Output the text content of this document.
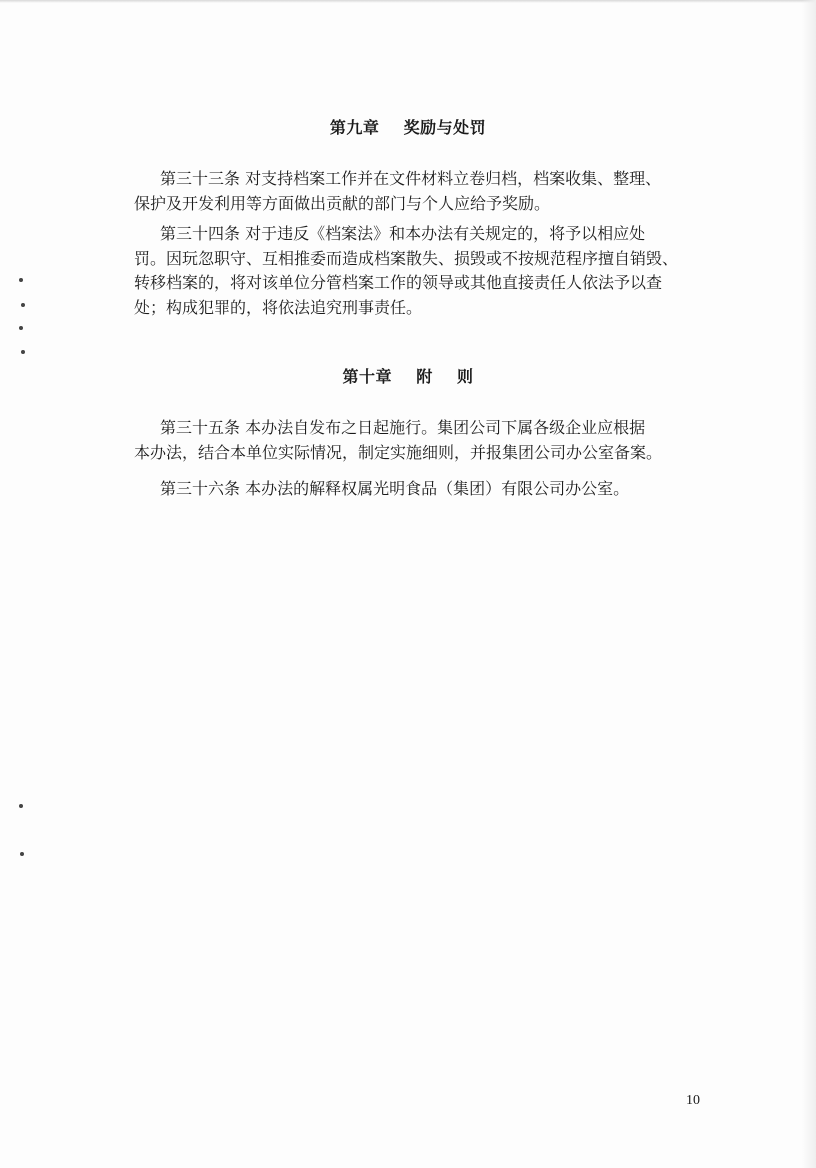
第九章    奖励与处罚
第三十三条 对支持档案工作并在文件材料立卷归档，档案收集、整理、
保护及开发利用等方面做出贡献的部门与个人应给予奖励。
第三十四条 对于违反《档案法》和本办法有关规定的，将予以相应处
罚。因玩忽职守、互相推委而造成档案散失、损毁或不按规范程序擅自销毁、
转移档案的，将对该单位分管档案工作的领导或其他直接责任人依法予以查
处；构成犯罪的，将依法追究刑事责任。
第十章    附    则
第三十五条 本办法自发布之日起施行。集团公司下属各级企业应根据
本办法，结合本单位实际情况，制定实施细则，并报集团公司办公室备案。
第三十六条 本办法的解释权属光明食品（集团）有限公司办公室。
10
